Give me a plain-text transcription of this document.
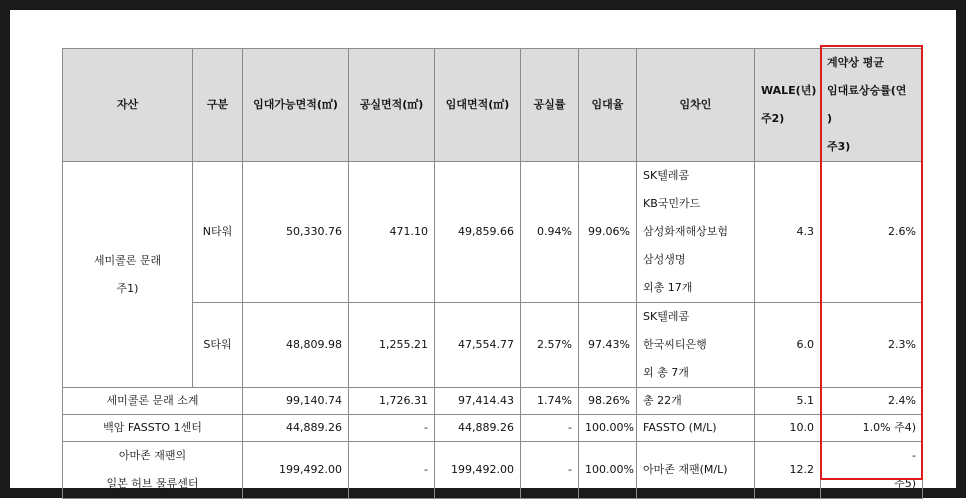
자산	구분	임대가능면적(㎡)	공실면적(㎡)	임대면적(㎡)	공실률	임대율	임차인	WALE(년)
주2)	계약상 평균
임대료상승률(연
)
주3)

세미콜론 문래
주1)	N타워	50,330.76	471.10	49,859.66	0.94%	99.06%	SK텔레콤
KB국민카드
삼성화재해상보험
삼성생명
외총 17개	4.3	2.6%
	S타워	48,809.98	1,255.21	47,554.77	2.57%	97.43%	SK텔레콤
한국씨티은행
외 총 7개	6.0	2.3%
세미콜론 문래 소계		99,140.74	1,726.31	97,414.43	1.74%	98.26%	총 22개	5.1	2.4%
백암 FASSTO 1센터		44,889.26	-	44,889.26	-	100.00%	FASSTO (M/L)	10.0	1.0% 주4)

아마존 재팬의
일본 허브 물류센터		199,492.00	-	199,492.00	-	100.00%	아마존 재팬(M/L)	12.2	-
주5)
